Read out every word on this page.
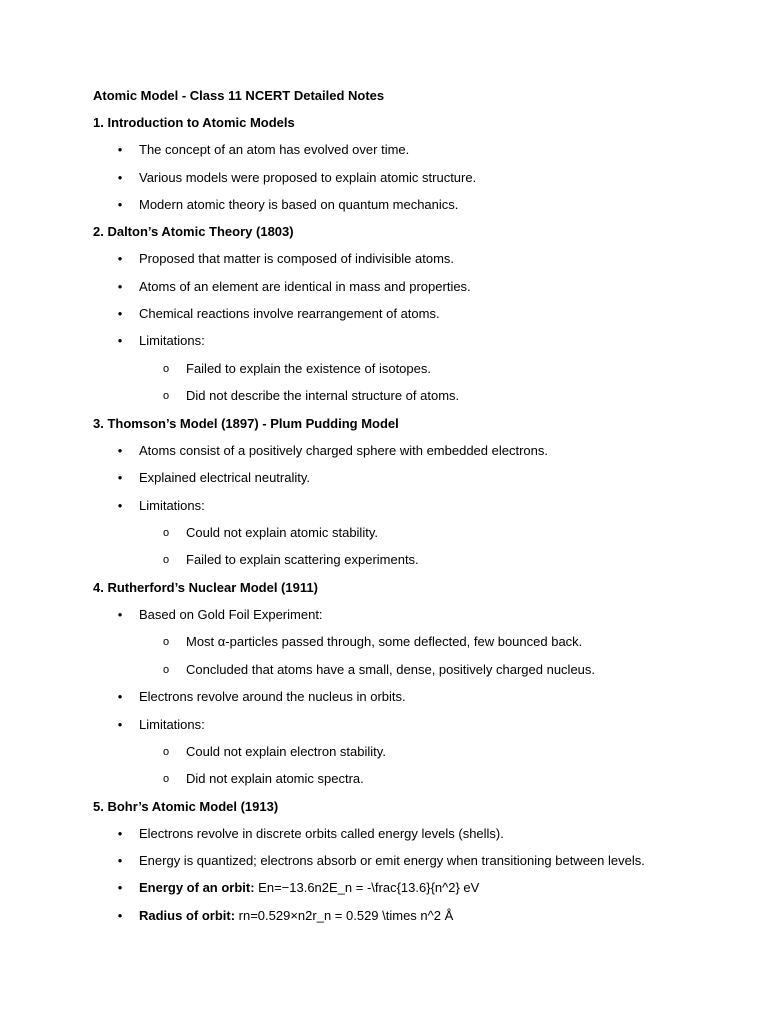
Atomic Model - Class 11 NCERT Detailed Notes
1. Introduction to Atomic Models
• The concept of an atom has evolved over time.
• Various models were proposed to explain atomic structure.
• Modern atomic theory is based on quantum mechanics.
2. Dalton’s Atomic Theory (1803)
• Proposed that matter is composed of indivisible atoms.
• Atoms of an element are identical in mass and properties.
• Chemical reactions involve rearrangement of atoms.
• Limitations:
o Failed to explain the existence of isotopes.
o Did not describe the internal structure of atoms.
3. Thomson’s Model (1897) - Plum Pudding Model
• Atoms consist of a positively charged sphere with embedded electrons.
• Explained electrical neutrality.
• Limitations:
o Could not explain atomic stability.
o Failed to explain scattering experiments.
4. Rutherford’s Nuclear Model (1911)
• Based on Gold Foil Experiment:
o Most α-particles passed through, some deflected, few bounced back.
o Concluded that atoms have a small, dense, positively charged nucleus.
• Electrons revolve around the nucleus in orbits.
• Limitations:
o Could not explain electron stability.
o Did not explain atomic spectra.
5. Bohr’s Atomic Model (1913)
• Electrons revolve in discrete orbits called energy levels (shells).
• Energy is quantized; electrons absorb or emit energy when transitioning between levels.
• Energy of an orbit: En=−13.6n2E_n = -\frac{13.6}{n^2} eV
• Radius of orbit: rn=0.529×n2r_n = 0.529 \times n^2 Å
